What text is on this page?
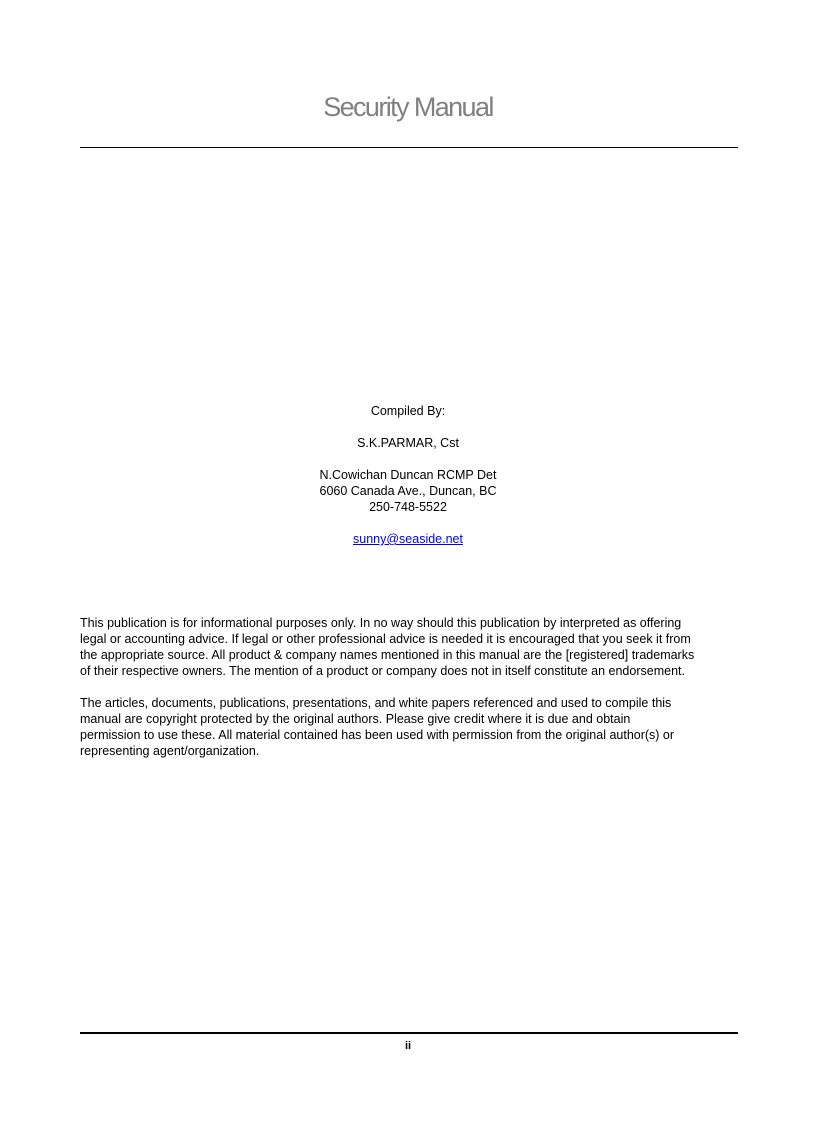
Security Manual
Compiled By:
S.K.PARMAR, Cst
N.Cowichan Duncan RCMP Det
6060 Canada Ave., Duncan, BC
250-748-5522
sunny@seaside.net

This publication is for informational purposes only. In no way should this publication by interpreted as offering
legal or accounting advice. If legal or other professional advice is needed it is encouraged that you seek it from
the appropriate source. All product & company names mentioned in this manual are the [registered] trademarks
of their respective owners. The mention of a product or company does not in itself constitute an endorsement.

The articles, documents, publications, presentations, and white papers referenced and used to compile this
manual are copyright protected by the original authors. Please give credit where it is due and obtain
permission to use these. All material contained has been used with permission from the original author(s) or
representing agent/organization.

ii
